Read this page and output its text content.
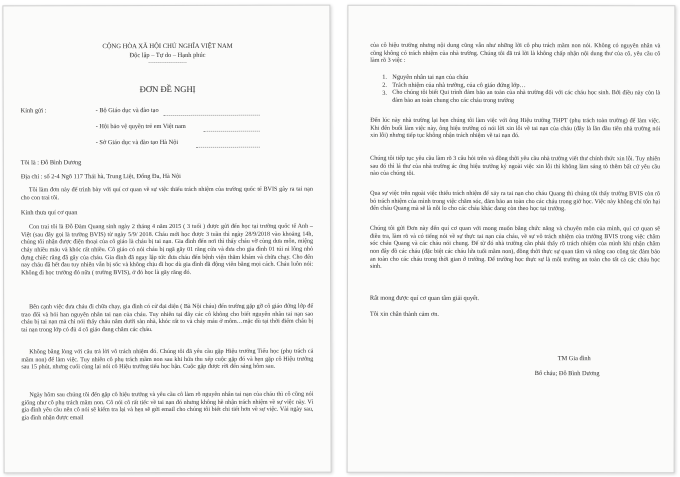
CỘNG HÒA XÃ HỘI CHỦ NGHĨA VIỆT NAM
Độc lập – Tự do – Hạnh phúc
---------------------
ĐƠN ĐỀ NGHỊ
Kính gửi :	- Bộ Giáo dục và đào tạo
- Hội bảo vệ quyền trẻ em Việt nam
- Sở Giáo dục và đào tạo Hà Nội
Tôi là : Đỗ Bình Dương
Địa chỉ : số 2-4 Ngõ 117 Thái hà, Trung Liệt, Đống Đa, Hà Nội
Tôi làm đơn này để trình bày với quí cơ quan về sự việc thiếu trách nhiệm của trường quốc tế BVIS gây ra tai nạn cho con trai tôi.
Kính thưa quí cơ quan
Con trai tôi là Đỗ Đàm Quang sinh ngày 2 tháng 4 năm 2015 ( 3 tuổi ) được gửi đến học tại trường quốc tế Anh – Việt (sau đây gọi là trường BVIS) từ ngày 5/9/ 2018. Cháu mới học được 3 tuần thì ngày 28/9/2018 vào khoảng 14h, chúng tôi nhận được điện thoại của cô giáo là cháu bị tai nạn. Gia đình đến nơi thì thấy cháu vỡ cùng dưa môn, miệng chảy nhiều máu và khóc rất nhiều. Cô giáo có nói cháu bị ngã gãy 01 răng cửa và đưa cho gia đình 01 túi ni lông nhỏ đựng chiếc răng đã gãy của cháu. Gia đình đã ngay lập tức đưa cháu đến bệnh viện thăm khám và chữa chạy. Cho đến nay cháu đã hết đau tuy nhiên vẫn bị sốc và không chịu đi học dù gia đình đã động viên bằng mọi cách. Cháu luôn nói: Không đi học trường đó nữa ( trường BVIS), ở đó học là gãy răng đó.
Bên cạnh việc đưa cháu đi chữa chạy, gia đình có cử đại diện ( Bà Nội cháu) đến trường gặp gỡ cô giáo đứng lớp để trao đổi và hỏi han nguyên nhân tai nạn của cháu. Tuy nhiên tại đây các cô không cho biết nguyên nhân tai nạn sao cháu bị tai nạn mà chỉ nói thấy cháu nằm dưới sàn nhà, khóc rất to và chảy máu ở môm…mặc dù tại thời điểm cháu bị tai nạn trong lớp có đủ 4 cô giáo đang chăm các cháu.
Không bằng lòng với câu trả lời vô trách nhiệm đó. Chúng tôi đã yêu cầu gặp Hiệu trưởng Tiểu học (phụ trách cả mầm non) để làm việc. Tuy nhiên cô phụ trách mầm non sau khi hứa thu xếp cuộc gặp đó và hẹn gặp cô Hiệu trưởng sau 15 phút, nhưng cuối cùng lại nói cô Hiệu trưởng tiểu học bận. Cuộc gặp được rời đến sáng hôm sau.
Ngày hôm sau chúng tôi đến gặp cô hiệu trưởng và yêu cầu cô làm rõ nguyên nhân tai nạn của cháu thì cô cũng nói giống như cô phụ trách mầm non. Cô nói cô rất tiếc về tai nạn đó nhưng không hề nhận trách nhiệm về sự việc này. Vì gia đình yêu cầu nên cô nói sẽ kiểm tra lại và hẹn sẽ gửi email cho chúng tôi biết chi tiết hơn về sự việc. Vài ngày sau, gia đình nhận được email
của cô hiệu trưởng nhưng nội dung cũng vẫn như những lời cô phụ trách mầm non nói. Không có nguyên nhân và cũng không có trách nhiệm của nhà trường. Chúng tôi đã trả lời là không chấp nhận nội dung thư của cô, yêu cầu cô làm rõ 3 việc :
1. Nguyên nhân tai nạn của cháu
2. Trách nhiệm của nhà trường, của cô giáo đứng lớp…
3. Cho chúng tôi biết Qui trình đảm bảo an toàn của nhà trường đối với các cháu học sinh. Bởi điều này còn là đảm bảo an toàn chung cho các cháu trong trường
Đến lúc này nhà trường lại hẹn chúng tôi làm việc với ông Hiệu trưởng THPT (phụ trách toàn trường) để làm việc. Khi đến buổi làm việc này, ông hiệu trưởng có nói lời xin lỗi về tai nạn của cháu (đây là lần đầu tiên nhà trường nói xin lỗi) nhưng tiếp tục không nhận trách nhiệm về tai nạn đó.
Chúng tôi tiếp tục yêu cầu làm rõ 3 câu hỏi trên và đồng thời yêu cầu nhà trường viết thư chính thức xin lỗi. Tuy nhiên sau đó thì lá thư của nhà trường ác ứng hiệu trưởng ký ngoài việc xin lỗi thì không làm sáng tỏ thêm bất cứ yêu cầu nào của chúng tôi.
Qua sự việc trên ngoài việc thiếu trách nhiệm để xảy ra tai nạn cho cháu Quang thì chúng tôi thấy trường BVIS còn rõ bỏ trách nhiệm của mình trong việc chăm sóc, đảm bảo an toàn cho các cháu trong giờ học. Việc này không chỉ tổn hại đến cháu Quang mà sẽ là nỗi lo cho các cháu khác đang còn theo học tại trường.
Chúng tôi gửi Đơn này đến quí cơ quan với mong muốn bằng chức năng và chuyên môn của mình, quí cơ quan sẽ điều tra, làm rõ và có tiếng nói về sự thực tai nạn của cháu, về sự vô trách nhiệm của trường BVIS trong việc chăm sóc cháu Quang và các cháu nói chung. Để từ đó nhà trường cần phải thấy rõ trách nhiệm của mình khi nhận chăm non đây đồ các cháu (đặc biệt các cháu lứa tuổi mầm non), đồng thời thực sự quan tâm và nâng cao công tác đảm bảo an toàn cho các cháu trong thời gian ở trường. Để trường học thực sự là môi trường an toàn cho tất cả các cháu học sinh.
Rất mong được quí cơ quan tâm giải quyết.
Tôi xin chân thành cảm ơn.
TM Gia đình
Bố cháu; Đỗ Bình Dương
